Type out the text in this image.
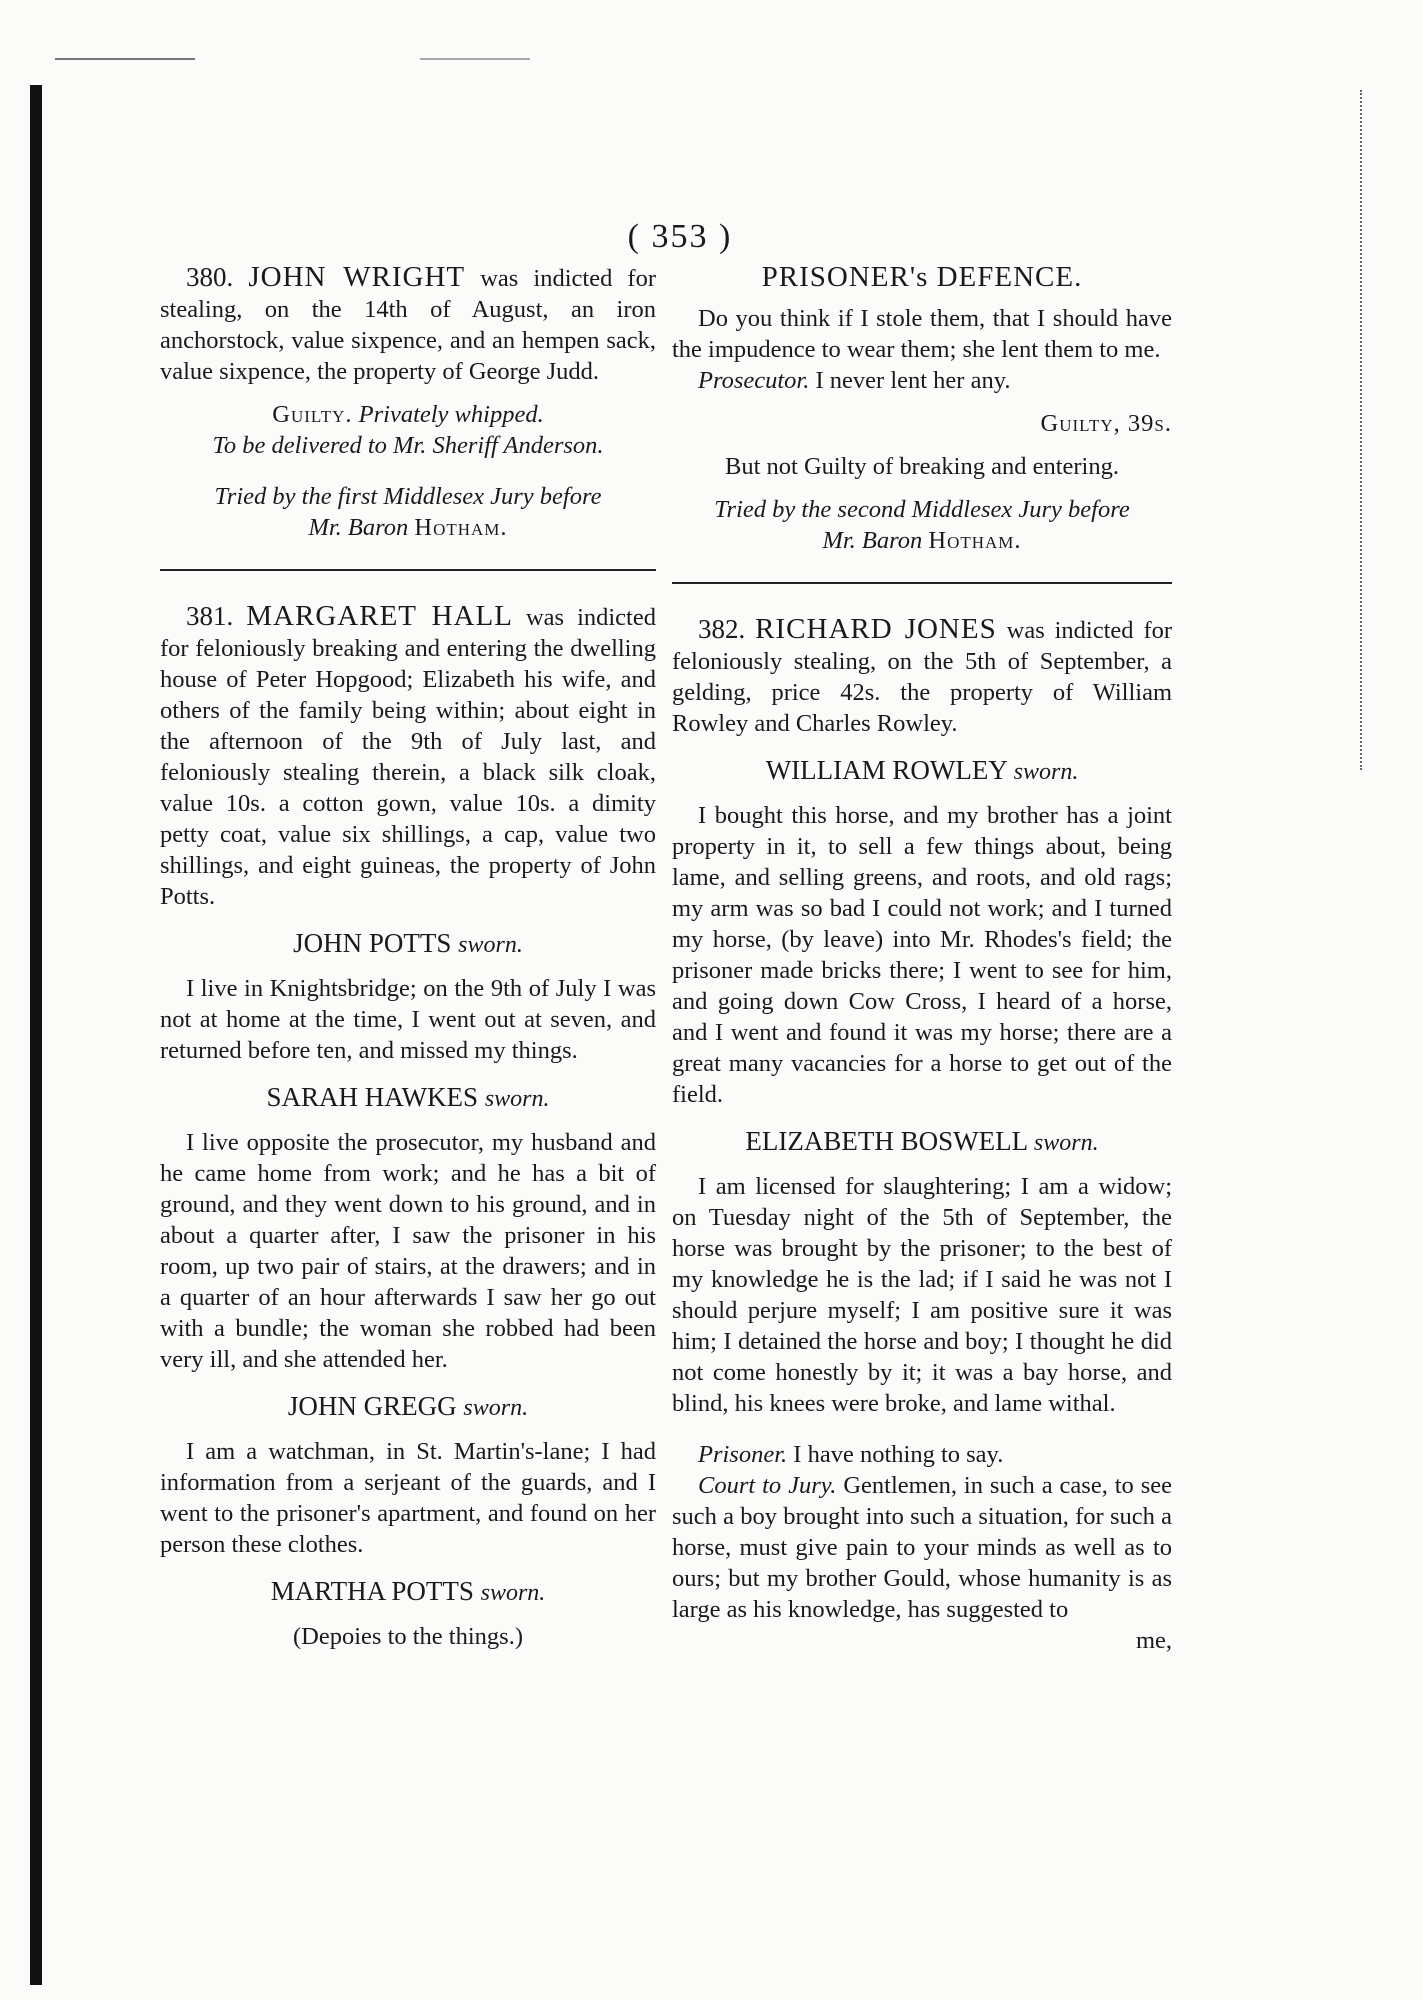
( 353 )

380. JOHN WRIGHT was indicted for stealing, on the 14th of August, an iron anchorstock, value sixpence, and an hempen sack, value sixpence, the property of George Judd.

Guilty. Privately whipped.

To be delivered to Mr. Sheriff Anderson.

Tried by the first Middlesex Jury before

Mr. Baron Hotham.

381. MARGARET HALL was indicted for feloniously breaking and entering the dwelling house of Peter Hopgood; Elizabeth his wife, and others of the family being within; about eight in the afternoon of the 9th of July last, and feloniously stealing therein, a black silk cloak, value 10s. a cotton gown, value 10s. a dimity petty coat, value six shillings, a cap, value two shillings, and eight guineas, the property of John Potts.

JOHN POTTS sworn.

I live in Knightsbridge; on the 9th of July I was not at home at the time, I went out at seven, and returned before ten, and missed my things.

SARAH HAWKES sworn.

I live opposite the prosecutor, my husband and he came home from work; and he has a bit of ground, and they went down to his ground, and in about a quarter after, I saw the prisoner in his room, up two pair of stairs, at the drawers; and in a quarter of an hour afterwards I saw her go out with a bundle; the woman she robbed had been very ill, and she attended her.

JOHN GREGG sworn.

I am a watchman, in St. Martin's-lane; I had information from a serjeant of the guards, and I went to the prisoner's apartment, and found on her person these clothes.

MARTHA POTTS sworn.

(Depoies to the things.)

PRISONER's DEFENCE.

Do you think if I stole them, that I should have the impudence to wear them; she lent them to me.

Prosecutor. I never lent her any.

Guilty, 39s.

But not Guilty of breaking and entering.

Tried by the second Middlesex Jury before

Mr. Baron Hotham.

382. RICHARD JONES was indicted for feloniously stealing, on the 5th of September, a gelding, price 42s. the property of William Rowley and Charles Rowley.

WILLIAM ROWLEY sworn.

I bought this horse, and my brother has a joint property in it, to sell a few things about, being lame, and selling greens, and roots, and old rags; my arm was so bad I could not work; and I turned my horse, (by leave) into Mr. Rhodes's field; the prisoner made bricks there; I went to see for him, and going down Cow Cross, I heard of a horse, and I went and found it was my horse; there are a great many vacancies for a horse to get out of the field.

ELIZABETH BOSWELL sworn.

I am licensed for slaughtering; I am a widow; on Tuesday night of the 5th of September, the horse was brought by the prisoner; to the best of my knowledge he is the lad; if I said he was not I should perjure myself; I am positive sure it was him; I detained the horse and boy; I thought he did not come honestly by it; it was a bay horse, and blind, his knees were broke, and lame withal.

Prisoner. I have nothing to say.

Court to Jury. Gentlemen, in such a case, to see such a boy brought into such a situation, for such a horse, must give pain to your minds as well as to ours; but my brother Gould, whose humanity is as large as his knowledge, has suggested to

me,
